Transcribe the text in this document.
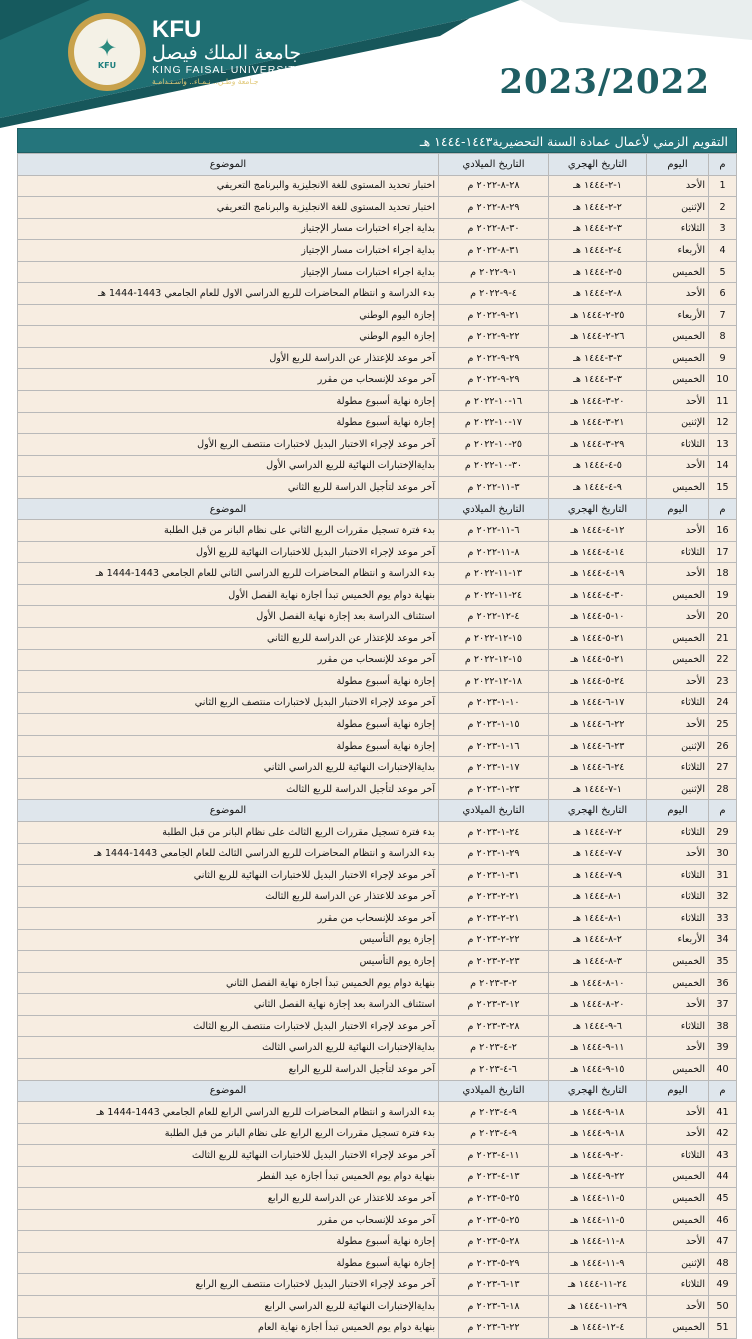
✦
KFU
KFU
جامعة الملك فيصل
KING FAISAL UNIVERSITY
جـامعة وطـن.. نـمـاء.. واسـتـدامـة	2023/2022
التقويم الزمني لأعمال عمادة السنة التحضيرية١٤٤٣-١٤٤٤ هـ
م	اليوم	التاريخ الهجري	التاريخ الميلادي	الموضوع
1	الأحد	١-٢-١٤٤٤ هـ	٢٨-٨-٢٠٢٢ م	اختبار تحديد المستوى للغة الانجليزية والبرنامج التعريفي
2	الإثنين	٢-٢-١٤٤٤ هـ	٢٩-٨-٢٠٢٢ م	اختبار تحديد المستوى للغة الانجليزية والبرنامج التعريفي
3	الثلاثاء	٣-٢-١٤٤٤ هـ	٣٠-٨-٢٠٢٢ م	بداية اجراء اختبارات مسار الإجتياز
4	الأربعاء	٤-٢-١٤٤٤ هـ	٣١-٨-٢٠٢٢ م	بداية اجراء اختبارات مسار الإجتياز
5	الخميس	٥-٢-١٤٤٤ هـ	١-٩-٢٠٢٢ م	بداية اجراء اختبارات مسار الإجتياز
6	الأحد	٨-٢-١٤٤٤ هـ	٤-٩-٢٠٢٢ م	بدء الدراسة و انتظام المحاضرات للربع الدراسي الاول للعام الجامعي 1443-1444 هـ
7	الأربعاء	٢٥-٢-١٤٤٤ هـ	٢١-٩-٢٠٢٢ م	إجازة اليوم الوطني
8	الخميس	٢٦-٢-١٤٤٤ هـ	٢٢-٩-٢٠٢٢ م	إجازة اليوم الوطني
9	الخميس	٣-٣-١٤٤٤ هـ	٢٩-٩-٢٠٢٢ م	آخر موعد للإعتذار عن الدراسة للربع الأول
10	الخميس	٣-٣-١٤٤٤ هـ	٢٩-٩-٢٠٢٢ م	آخر موعد للإنسحاب من مقرر
11	الأحد	٢٠-٣-١٤٤٤ هـ	١٦-١٠-٢٠٢٢ م	إجازة نهاية أسبوع مطولة
12	الإثنين	٢١-٣-١٤٤٤ هـ	١٧-١٠-٢٠٢٢ م	إجازة نهاية أسبوع مطولة
13	الثلاثاء	٢٩-٣-١٤٤٤ هـ	٢٥-١٠-٢٠٢٢ م	آخر موعد لإجراء الاختبار البديل لاختبارات منتصف الربع الأول
14	الأحد	٥-٤-١٤٤٤ هـ	٣٠-١٠-٢٠٢٢ م	بدايةالإختبارات النهائية للربع الدراسي الأول
15	الخميس	٩-٤-١٤٤٤ هـ	٣-١١-٢٠٢٢ م	آخر موعد لتأجيل الدراسة للربع الثاني
م	اليوم	التاريخ الهجري	التاريخ الميلادي	الموضوع
16	الأحد	١٢-٤-١٤٤٤ هـ	٦-١١-٢٠٢٢ م	بدء فترة تسجيل مقررات الربع الثاني على نظام البانر من قبل الطلبة
17	الثلاثاء	١٤-٤-١٤٤٤ هـ	٨-١١-٢٠٢٢ م	آخر موعد لإجراء الاختبار البديل للاختبارات النهائية للربع الأول
18	الأحد	١٩-٤-١٤٤٤ هـ	١٣-١١-٢٠٢٢ م	بدء الدراسة و انتظام المحاضرات للربع الدراسي الثاني للعام الجامعي 1443-1444 هـ
19	الخميس	٣٠-٤-١٤٤٤ هـ	٢٤-١١-٢٠٢٢ م	بنهاية دوام يوم الخميس تبدأ اجازة نهاية الفصل الأول
20	الأحد	١٠-٥-١٤٤٤ هـ	٤-١٢-٢٠٢٢ م	استئناف الدراسة بعد إجازة نهاية الفصل الأول
21	الخميس	٢١-٥-١٤٤٤ هـ	١٥-١٢-٢٠٢٢ م	آخر موعد للإعتذار عن الدراسة للربع الثاني
22	الخميس	٢١-٥-١٤٤٤ هـ	١٥-١٢-٢٠٢٢ م	آخر موعد للإنسحاب من مقرر
23	الأحد	٢٤-٥-١٤٤٤ هـ	١٨-١٢-٢٠٢٢ م	إجازة نهاية أسبوع مطولة
24	الثلاثاء	١٧-٦-١٤٤٤ هـ	١٠-١-٢٠٢٣ م	آخر موعد لإجراء الاختبار البديل لاختبارات منتصف الربع الثاني
25	الأحد	٢٢-٦-١٤٤٤ هـ	١٥-١-٢٠٢٣ م	إجازة نهاية أسبوع مطولة
26	الإثنين	٢٣-٦-١٤٤٤ هـ	١٦-١-٢٠٢٣ م	إجازة نهاية أسبوع مطولة
27	الثلاثاء	٢٤-٦-١٤٤٤ هـ	١٧-١-٢٠٢٣ م	بدايةالإختبارات النهائية للربع الدراسي الثاني
28	الإثنين	١-٧-١٤٤٤ هـ	٢٣-١-٢٠٢٣ م	آخر موعد لتأجيل الدراسة للربع الثالث
م	اليوم	التاريخ الهجري	التاريخ الميلادي	الموضوع
29	الثلاثاء	٢-٧-١٤٤٤ هـ	٢٤-١-٢٠٢٣ م	بدء فترة تسجيل مقررات الربع الثالث على نظام البانر من قبل الطلبة
30	الأحد	٧-٧-١٤٤٤ هـ	٢٩-١-٢٠٢٣ م	بدء الدراسة و انتظام المحاضرات للربع الدراسي الثالث للعام الجامعي 1443-1444 هـ
31	الثلاثاء	٩-٧-١٤٤٤ هـ	٣١-١-٢٠٢٣ م	آخر موعد لإجراء الاختبار البديل للاختبارات النهائية للربع الثاني
32	الثلاثاء	١-٨-١٤٤٤ هـ	٢١-٢-٢٠٢٣ م	آخر موعد للاعتذار عن الدراسة للربع الثالث
33	الثلاثاء	١-٨-١٤٤٤ هـ	٢١-٢-٢٠٢٣ م	آخر موعد للإنسحاب من مقرر
34	الأربعاء	٢-٨-١٤٤٤ هـ	٢٢-٢-٢٠٢٣ م	إجازة يوم التأسيس
35	الخميس	٣-٨-١٤٤٤ هـ	٢٣-٢-٢٠٢٣ م	إجازة يوم التأسيس
36	الخميس	١٠-٨-١٤٤٤ هـ	٢-٣-٢٠٢٣ م	بنهاية دوام يوم الخميس تبدأ اجازة نهاية الفصل الثاني
37	الأحد	٢٠-٨-١٤٤٤ هـ	١٢-٣-٢٠٢٣ م	استئناف الدراسة بعد إجازة نهاية الفصل الثاني
38	الثلاثاء	٦-٩-١٤٤٤ هـ	٢٨-٣-٢٠٢٣ م	آخر موعد لإجراء الاختبار البديل لاختبارات منتصف الربع الثالث
39	الأحد	١١-٩-١٤٤٤ هـ	٢-٤-٢٠٢٣ م	بدايةالإختبارات النهائية للربع الدراسي الثالث
40	الخميس	١٥-٩-١٤٤٤ هـ	٦-٤-٢٠٢٣ م	آخر موعد لتأجيل الدراسة للربع الرابع
م	اليوم	التاريخ الهجري	التاريخ الميلادي	الموضوع
41	الأحد	١٨-٩-١٤٤٤ هـ	٩-٤-٢٠٢٣ م	بدء الدراسة و انتظام المحاضرات للربع الدراسي الرابع للعام الجامعي 1443-1444 هـ
42	الأحد	١٨-٩-١٤٤٤ هـ	٩-٤-٢٠٢٣ م	بدء فترة تسجيل مقررات الربع الرابع على نظام البانر من قبل الطلبة
43	الثلاثاء	٢٠-٩-١٤٤٤ هـ	١١-٤-٢٠٢٣ م	آخر موعد لإجراء الاختبار البديل للاختبارات النهائية للربع الثالث
44	الخميس	٢٢-٩-١٤٤٤ هـ	١٣-٤-٢٠٢٣ م	بنهاية دوام يوم الخميس تبدأ اجازة عيد الفطر
45	الخميس	٥-١١-١٤٤٤ هـ	٢٥-٥-٢٠٢٣ م	آخر موعد للاعتذار عن الدراسة للربع الرابع
46	الخميس	٥-١١-١٤٤٤ هـ	٢٥-٥-٢٠٢٣ م	آخر موعد للإنسحاب من مقرر
47	الأحد	٨-١١-١٤٤٤ هـ	٢٨-٥-٢٠٢٣ م	إجازة نهاية أسبوع مطولة
48	الإثنين	٩-١١-١٤٤٤ هـ	٢٩-٥-٢٠٢٣ م	إجازة نهاية أسبوع مطولة
49	الثلاثاء	٢٤-١١-١٤٤٤ هـ	١٣-٦-٢٠٢٣ م	آخر موعد لإجراء الاختبار البديل لاختبارات منتصف الربع الرابع
50	الأحد	٢٩-١١-١٤٤٤ هـ	١٨-٦-٢٠٢٣ م	بدايةالإختبارات النهائية للربع الدراسي الرابع
51	الخميس	٤-١٢-١٤٤٤ هـ	٢٢-٦-٢٠٢٣ م	بنهاية دوام يوم الخميس تبدأ اجازة نهاية العام
